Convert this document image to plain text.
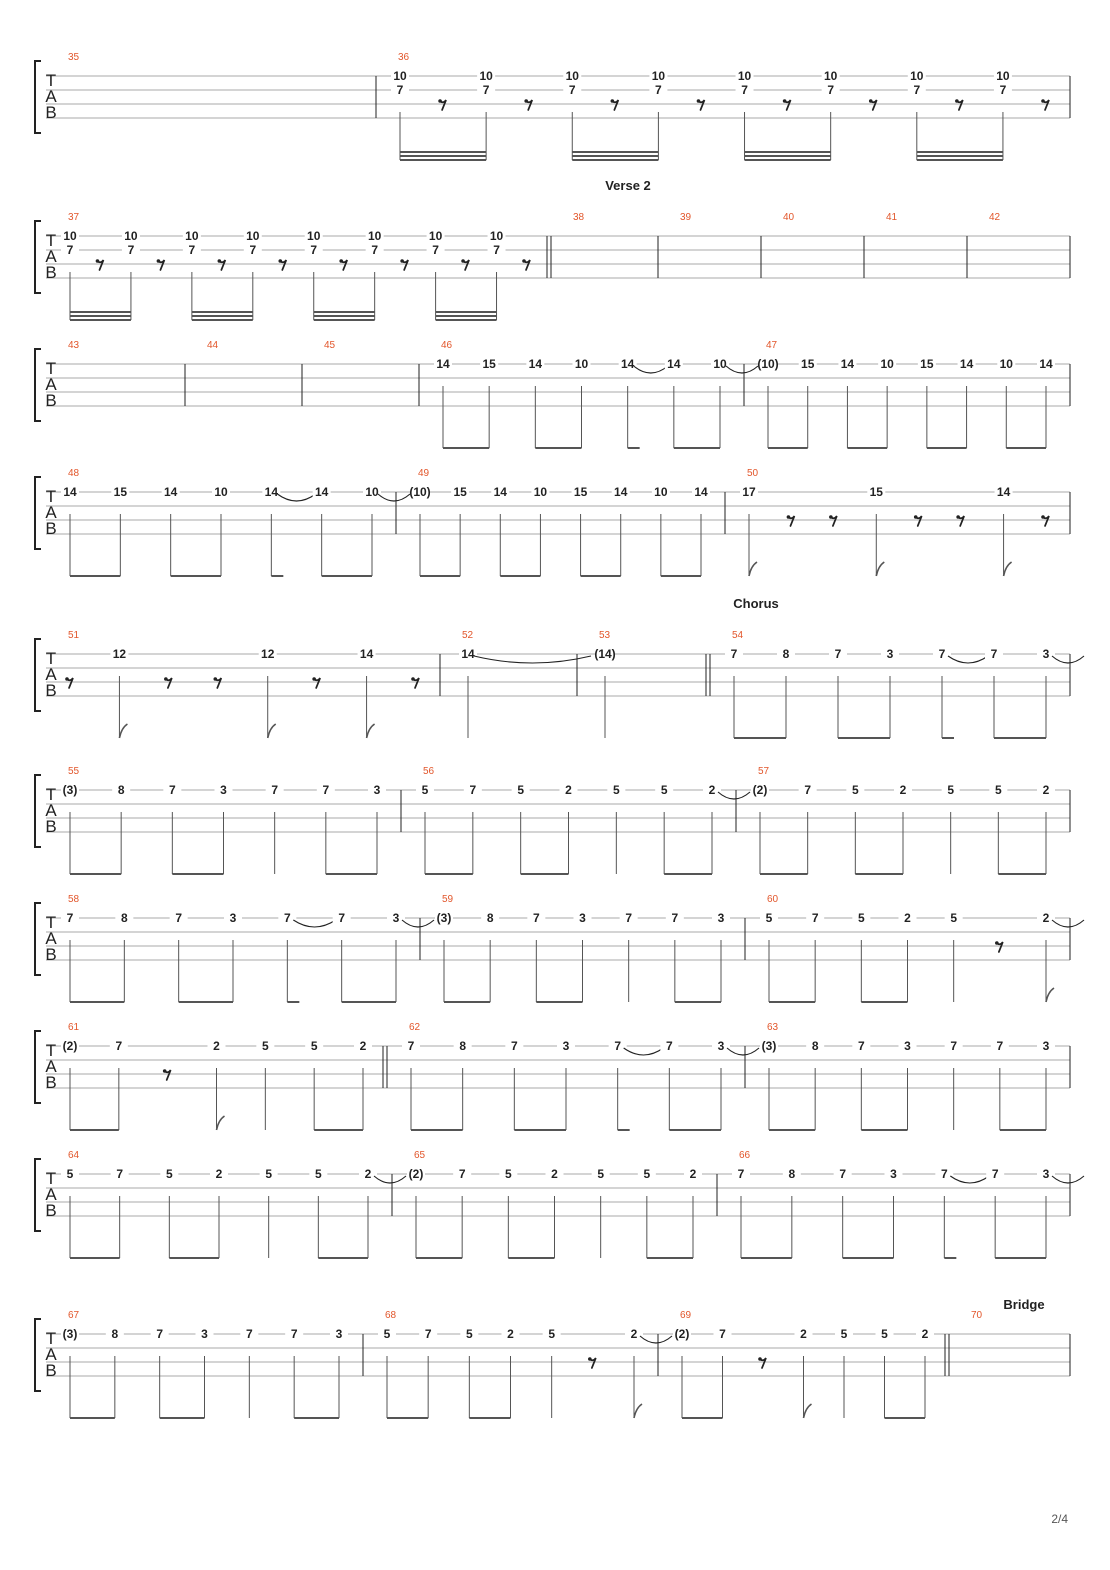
T
A
B
35	36
10
7
10
7
10
7
10
7
10
7
10
7
10
7
10
7
T
A
B
37
10
7
10
7
10
7
10
7
10
7
10
7
10
7
10
7
38	39	40	41	42
T
A
B
43	44	45	46
14	15	14	10	14	14	10
47
(10) 15 14 10 15 14 10 14
T
A
B
48
14	15	14	10	14	14	10
49
(10) 15 14 10 15 14 10 14
50
17	15	14
T
A
B
51
12	12	14
52
14
53
(14)
54
7	8	7	3	7	7	3
T
A
B
55
(3)	8	7	3	7	7	3
56
5	7	5	2	5	5	2
57
(2)	7	5	2	5	5	2
T
A
B
58
7	8	7	3	7	7	3
59
(3)	8	7	3	7	7	3
60
5	7	5	2	5	2
T
A
B
61
(2)	7	2	5	5	2
62
7	8	7	3	7	7	3
63
(3)	8	7	3	7	7	3
T
A
B
64
5	7	5	2	5	5	2
65
(2)	7	5	2	5	5	2
66
7	8	7	3	7	7	3
T
A
B
67
(3)	8	7	3	7	7	3
68
5	7	5	2	5	2
69
(2) 7	2	5	5	2
70
Verse 2
Chorus
Bridge
2/4
